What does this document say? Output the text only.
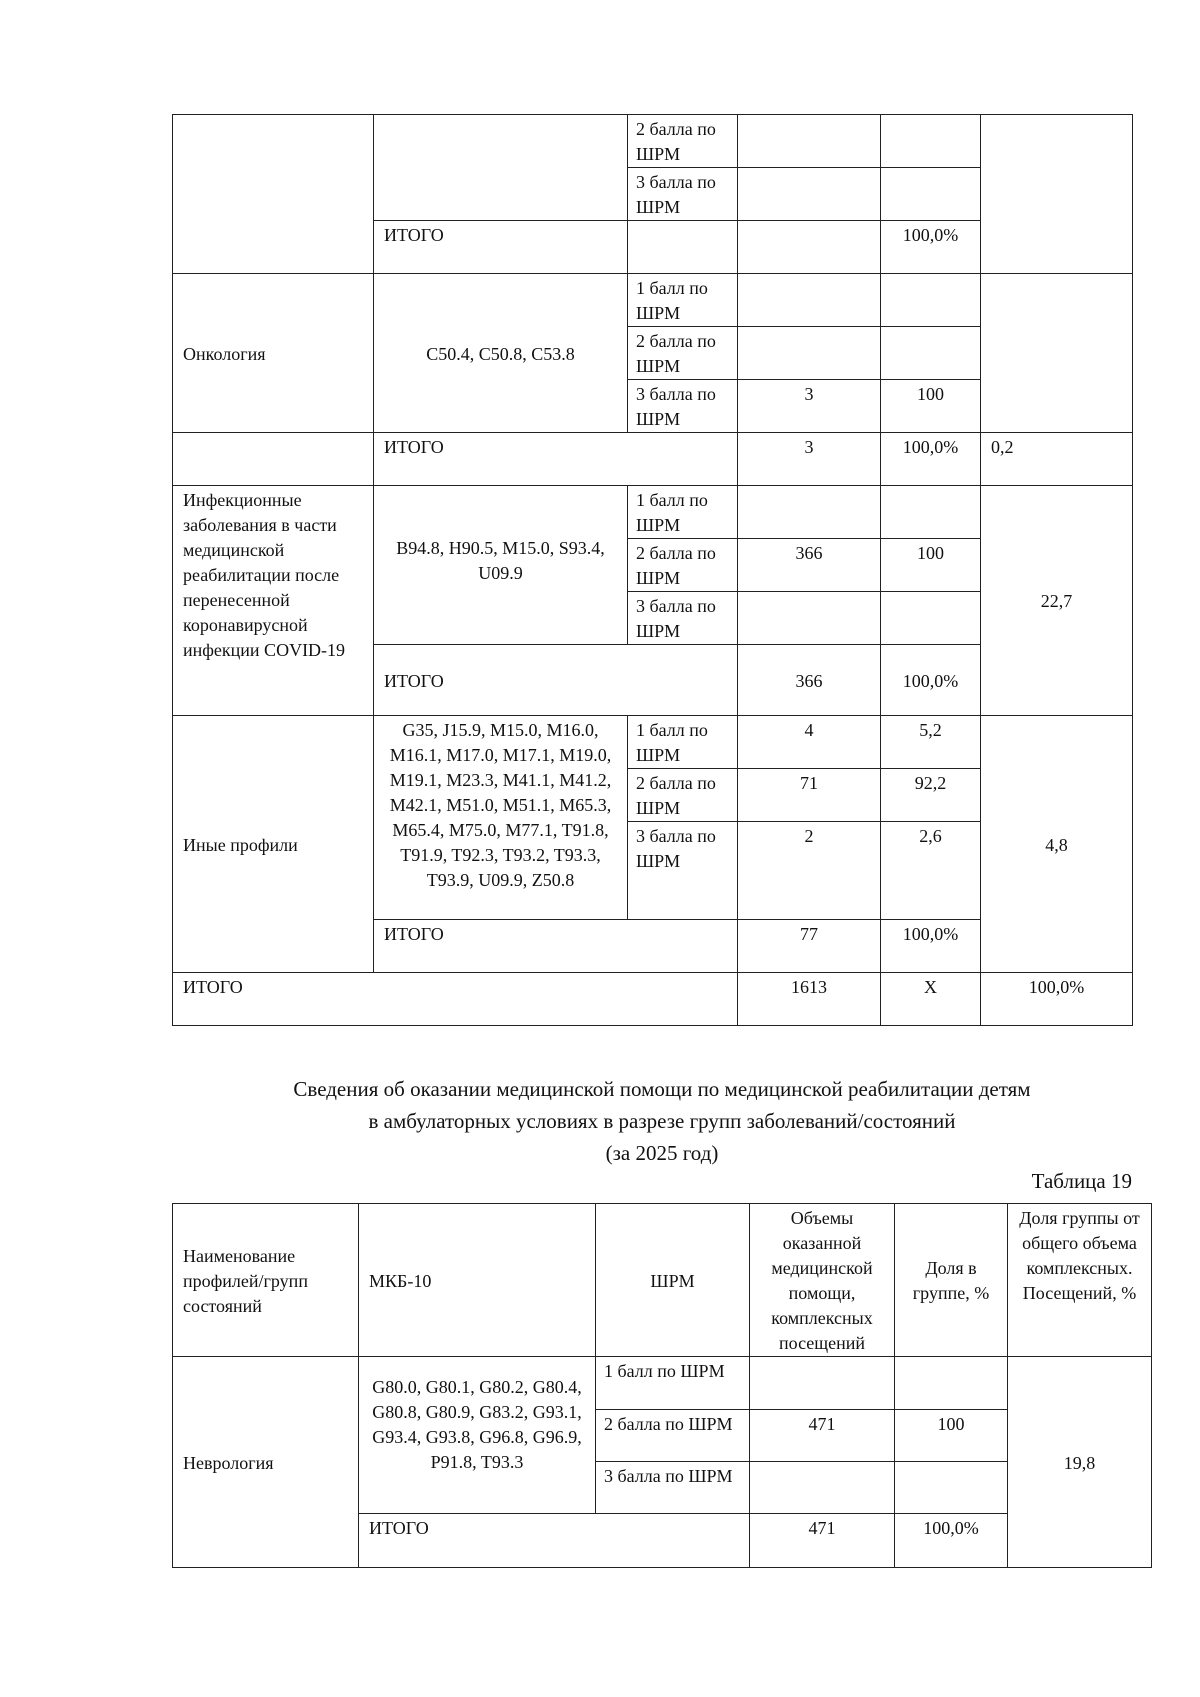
		2 балла по ШРМ			
		3 балла по ШРМ			
	ИТОГО			100,0%	
Онкология	C50.4, C50.8, C53.8	1 балл по ШРМ			
		2 балла по ШРМ			
		3 балла по ШРМ	3	100	
	ИТОГО		3	100,0%	0,2
Инфекционные заболевания в части медицинской реабилитации после перенесенной коронавирусной инфекции COVID-19	B94.8, H90.5, M15.0, S93.4, U09.9	1 балл по ШРМ			22,7
		2 балла по ШРМ	366	100	
		3 балла по ШРМ			
	ИТОГО		366	100,0%	
Иные профили	G35, J15.9, M15.0, M16.0, M16.1, M17.0, M17.1, M19.0, M19.1, M23.3, M41.1, M41.2, M42.1, M51.0, M51.1, M65.3, M65.4, M75.0, M77.1, T91.8, T91.9, T92.3, T93.2, T93.3, T93.9, U09.9, Z50.8	1 балл по ШРМ	4	5,2	4,8
		2 балла по ШРМ	71	92,2	
		3 балла по ШРМ	2	2,6	
	ИТОГО		77	100,0%	
ИТОГО			1613	Х	100,0%

Сведения об оказании медицинской помощи по медицинской реабилитации детям

в амбулаторных условиях в разрезе групп заболеваний/состояний

(за 2025 год)

Таблица 19
Наименование профилей/групп состояний	МКБ-10	ШРМ	Объемы оказанной медицинской помощи, комплексных посещений	Доля в группе, %	Доля группы от общего объема комплексных. Посещений, %
Неврология	G80.0, G80.1, G80.2, G80.4, G80.8, G80.9, G83.2, G93.1, G93.4, G93.8, G96.8, G96.9, P91.8, T93.3	1 балл по ШРМ			19,8
		2 балла по ШРМ	471	100	
		3 балла по ШРМ			
	ИТОГО		471	100,0%	
